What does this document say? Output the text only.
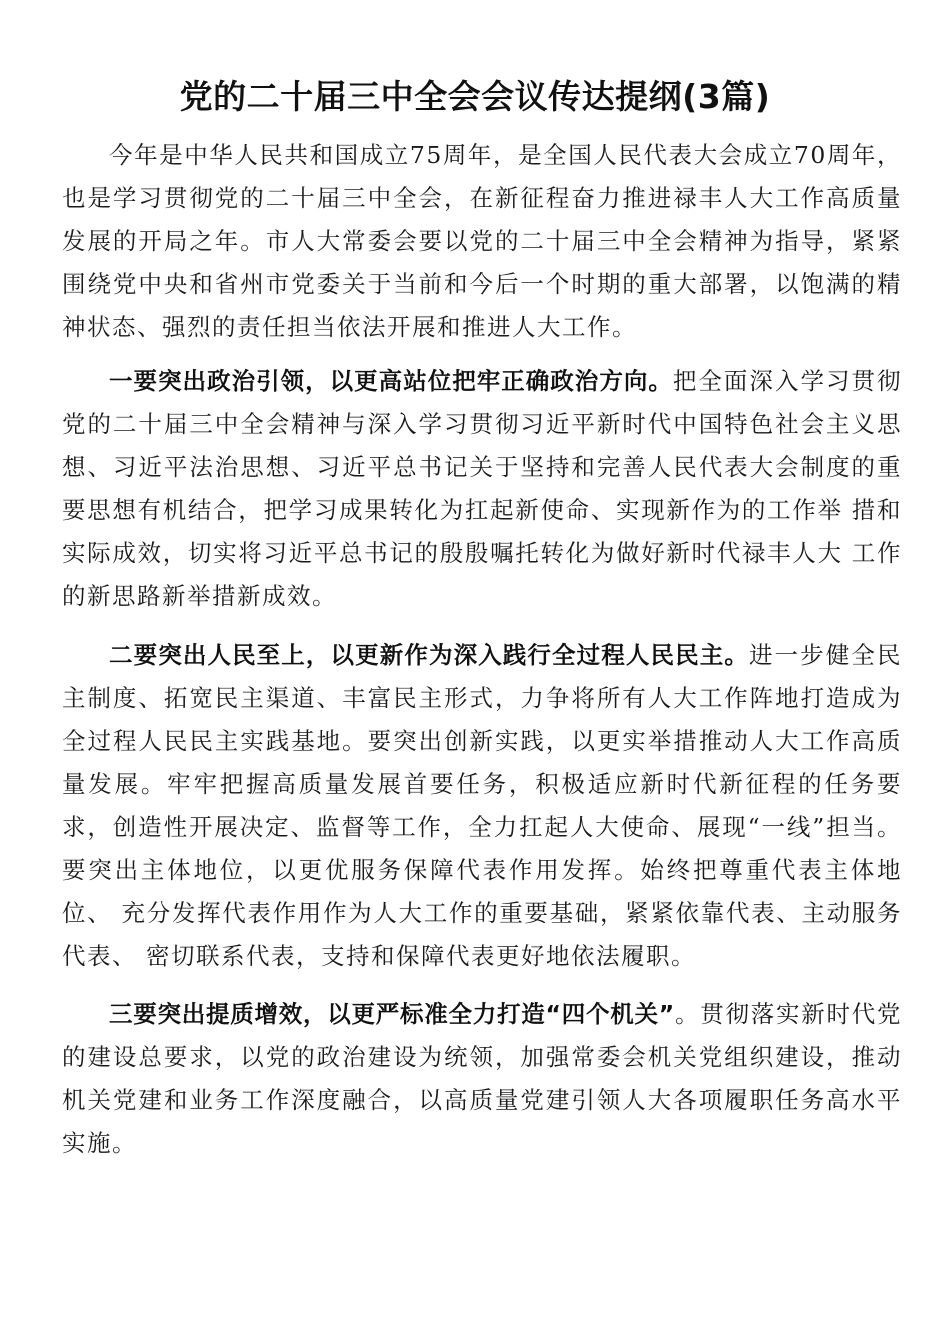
党的二十届三中全会会议传达提纲(3篇)

今年是中华人民共和国成立75周年，是全国人民代表大会成立70周年， 也是学习贯彻党的二十届三中全会，在新征程奋力推进禄丰人大工作高质量 发展的开局之年。市人大常委会要以党的二十届三中全会精神为指导，紧紧 围绕党中央和省州市党委关于当前和今后一个时期的重大部署，以饱满的精 神状态、强烈的责任担当依法开展和推进人大工作。

一要突出政治引领，以更高站位把牢正确政治方向。把全面深入学习贯彻党的二十届三中全会精神与深入学习贯彻习近平新时代中国特色社会主义思想、习近平法治思想、习近平总书记关于坚持和完善人民代表大会制度的重要思想有机结合，把学习成果转化为扛起新使命、实现新作为的工作举 措和实际成效，切实将习近平总书记的殷殷嘱托转化为做好新时代禄丰人大 工作的新思路新举措新成效。

二要突出人民至上，以更新作为深入践行全过程人民民主。进一步健全民主制度、拓宽民主渠道、丰富民主形式，力争将所有人大工作阵地打造成为全过程人民民主实践基地。要突出创新实践，以更实举措推动人大工作高质量发展。牢牢把握高质量发展首要任务，积极适应新时代新征程的任务要求，创造性开展决定、监督等工作，全力扛起人大使命、展现“一线”担当。 要突出主体地位，以更优服务保障代表作用发挥。始终把尊重代表主体地位、 充分发挥代表作用作为人大工作的重要基础，紧紧依靠代表、主动服务代表、 密切联系代表，支持和保障代表更好地依法履职。

三要突出提质增效，以更严标准全力打造“四个机关”。贯彻落实新时代党的建设总要求，以党的政治建设为统领，加强常委会机关党组织建设，推动机关党建和业务工作深度融合，以高质量党建引领人大各项履职任务高水平实施。
